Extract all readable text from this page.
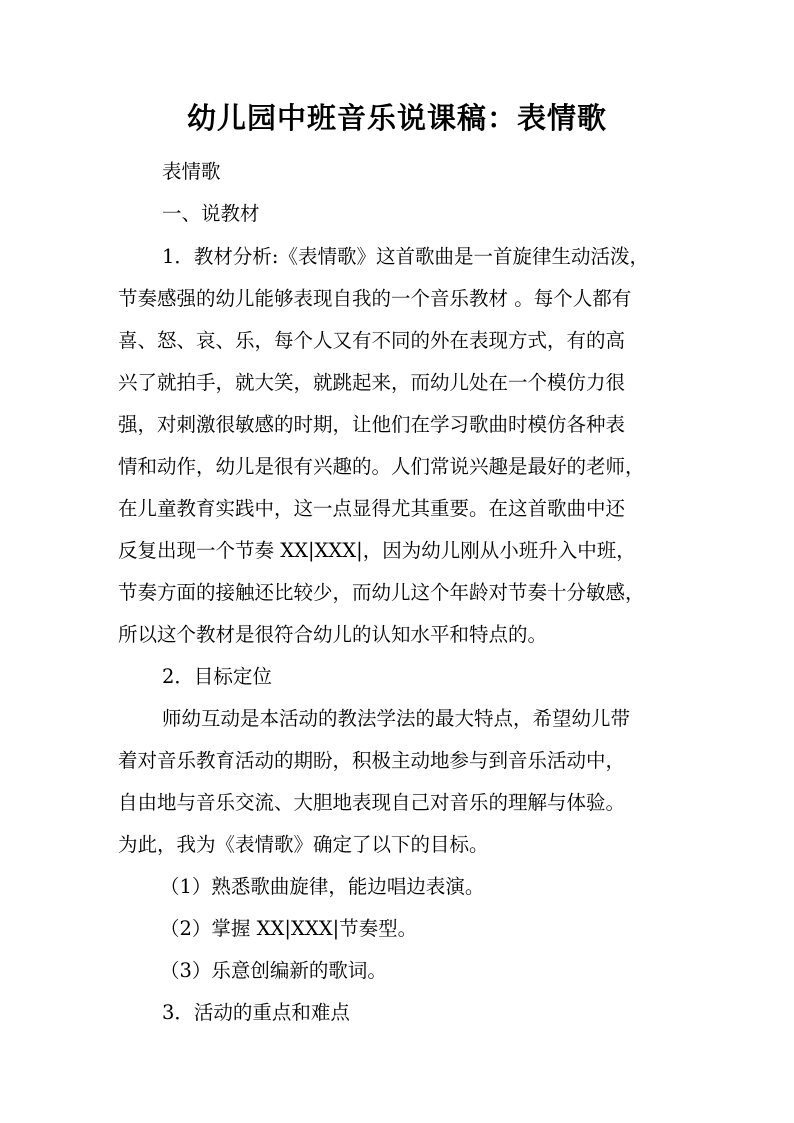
幼儿园中班音乐说课稿：表情歌
表情歌
一、说教材
1．教材分析:《表情歌》这首歌曲是一首旋律生动活泼，
节奏感强的幼儿能够表现自我的一个音乐教材 。每个人都有
喜、怒、哀、乐，每个人又有不同的外在表现方式，有的高
兴了就拍手，就大笑，就跳起来，而幼儿处在一个模仿力很
强，对刺激很敏感的时期，让他们在学习歌曲时模仿各种表
情和动作，幼儿是很有兴趣的。人们常说兴趣是最好的老师，
在儿童教育实践中，这一点显得尤其重要。在这首歌曲中还
反复出现一个节奏 XX|XXX|，因为幼儿刚从小班升入中班，
节奏方面的接触还比较少，而幼儿这个年龄对节奏十分敏感，
所以这个教材是很符合幼儿的认知水平和特点的。
2．目标定位
师幼互动是本活动的教法学法的最大特点，希望幼儿带
着对音乐教育活动的期盼，积极主动地参与到音乐活动中，
自由地与音乐交流、大胆地表现自己对音乐的理解与体验。
为此，我为《表情歌》确定了以下的目标。
（1）熟悉歌曲旋律，能边唱边表演。
（2）掌握 XX|XXX|节奏型。
（3）乐意创编新的歌词。
3．活动的重点和难点
